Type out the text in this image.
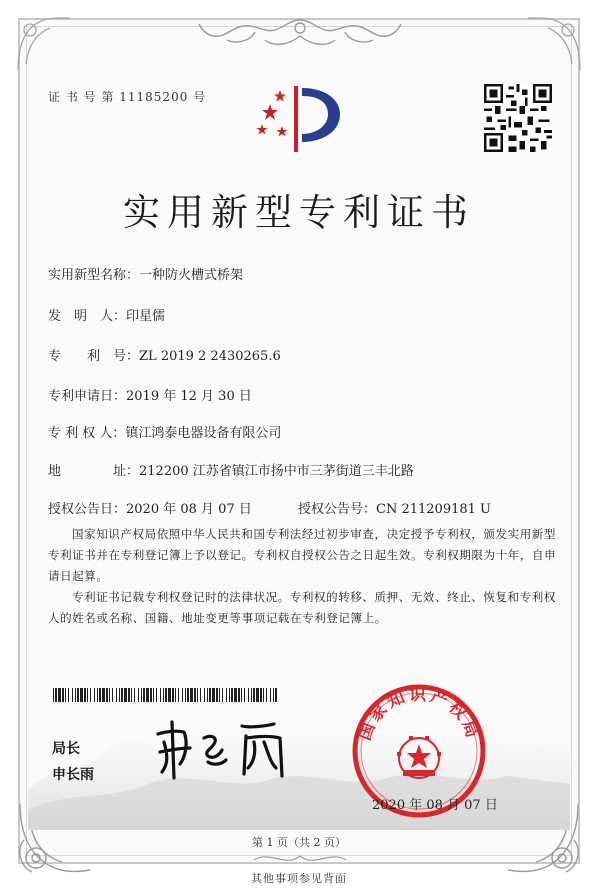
证 书 号 第 11185200 号
实用新型专利证书
实用新型名称：一种防火槽式桥架
发　明　人：印星儒
专　　利　号：ZL 2019 2 2430265.6
专利申请日：2019 年 12 月 30 日
专 利 权 人：镇江鸿泰电器设备有限公司
地　　　　址：212200 江苏省镇江市扬中市三茅街道三丰北路
授权公告日：2020 年 08 月 07 日	授权公告号：CN 211209181 U
国家知识产权局依照中华人民共和国专利法经过初步审查，决定授予专利权，颁发实用新型专利证书并在专利登记簿上予以登记。专利权自授权公告之日起生效。专利权期限为十年，自申请日起算。
专利证书记载专利权登记时的法律状况。专利权的转移、质押、无效、终止、恢复和专利权人的姓名或名称、国籍、地址变更等事项记载在专利登记簿上。
局长
申长雨
国家知识产权局
2020 年 08 月 07 日
第 1 页（共 2 页）
其他事项参见背面
